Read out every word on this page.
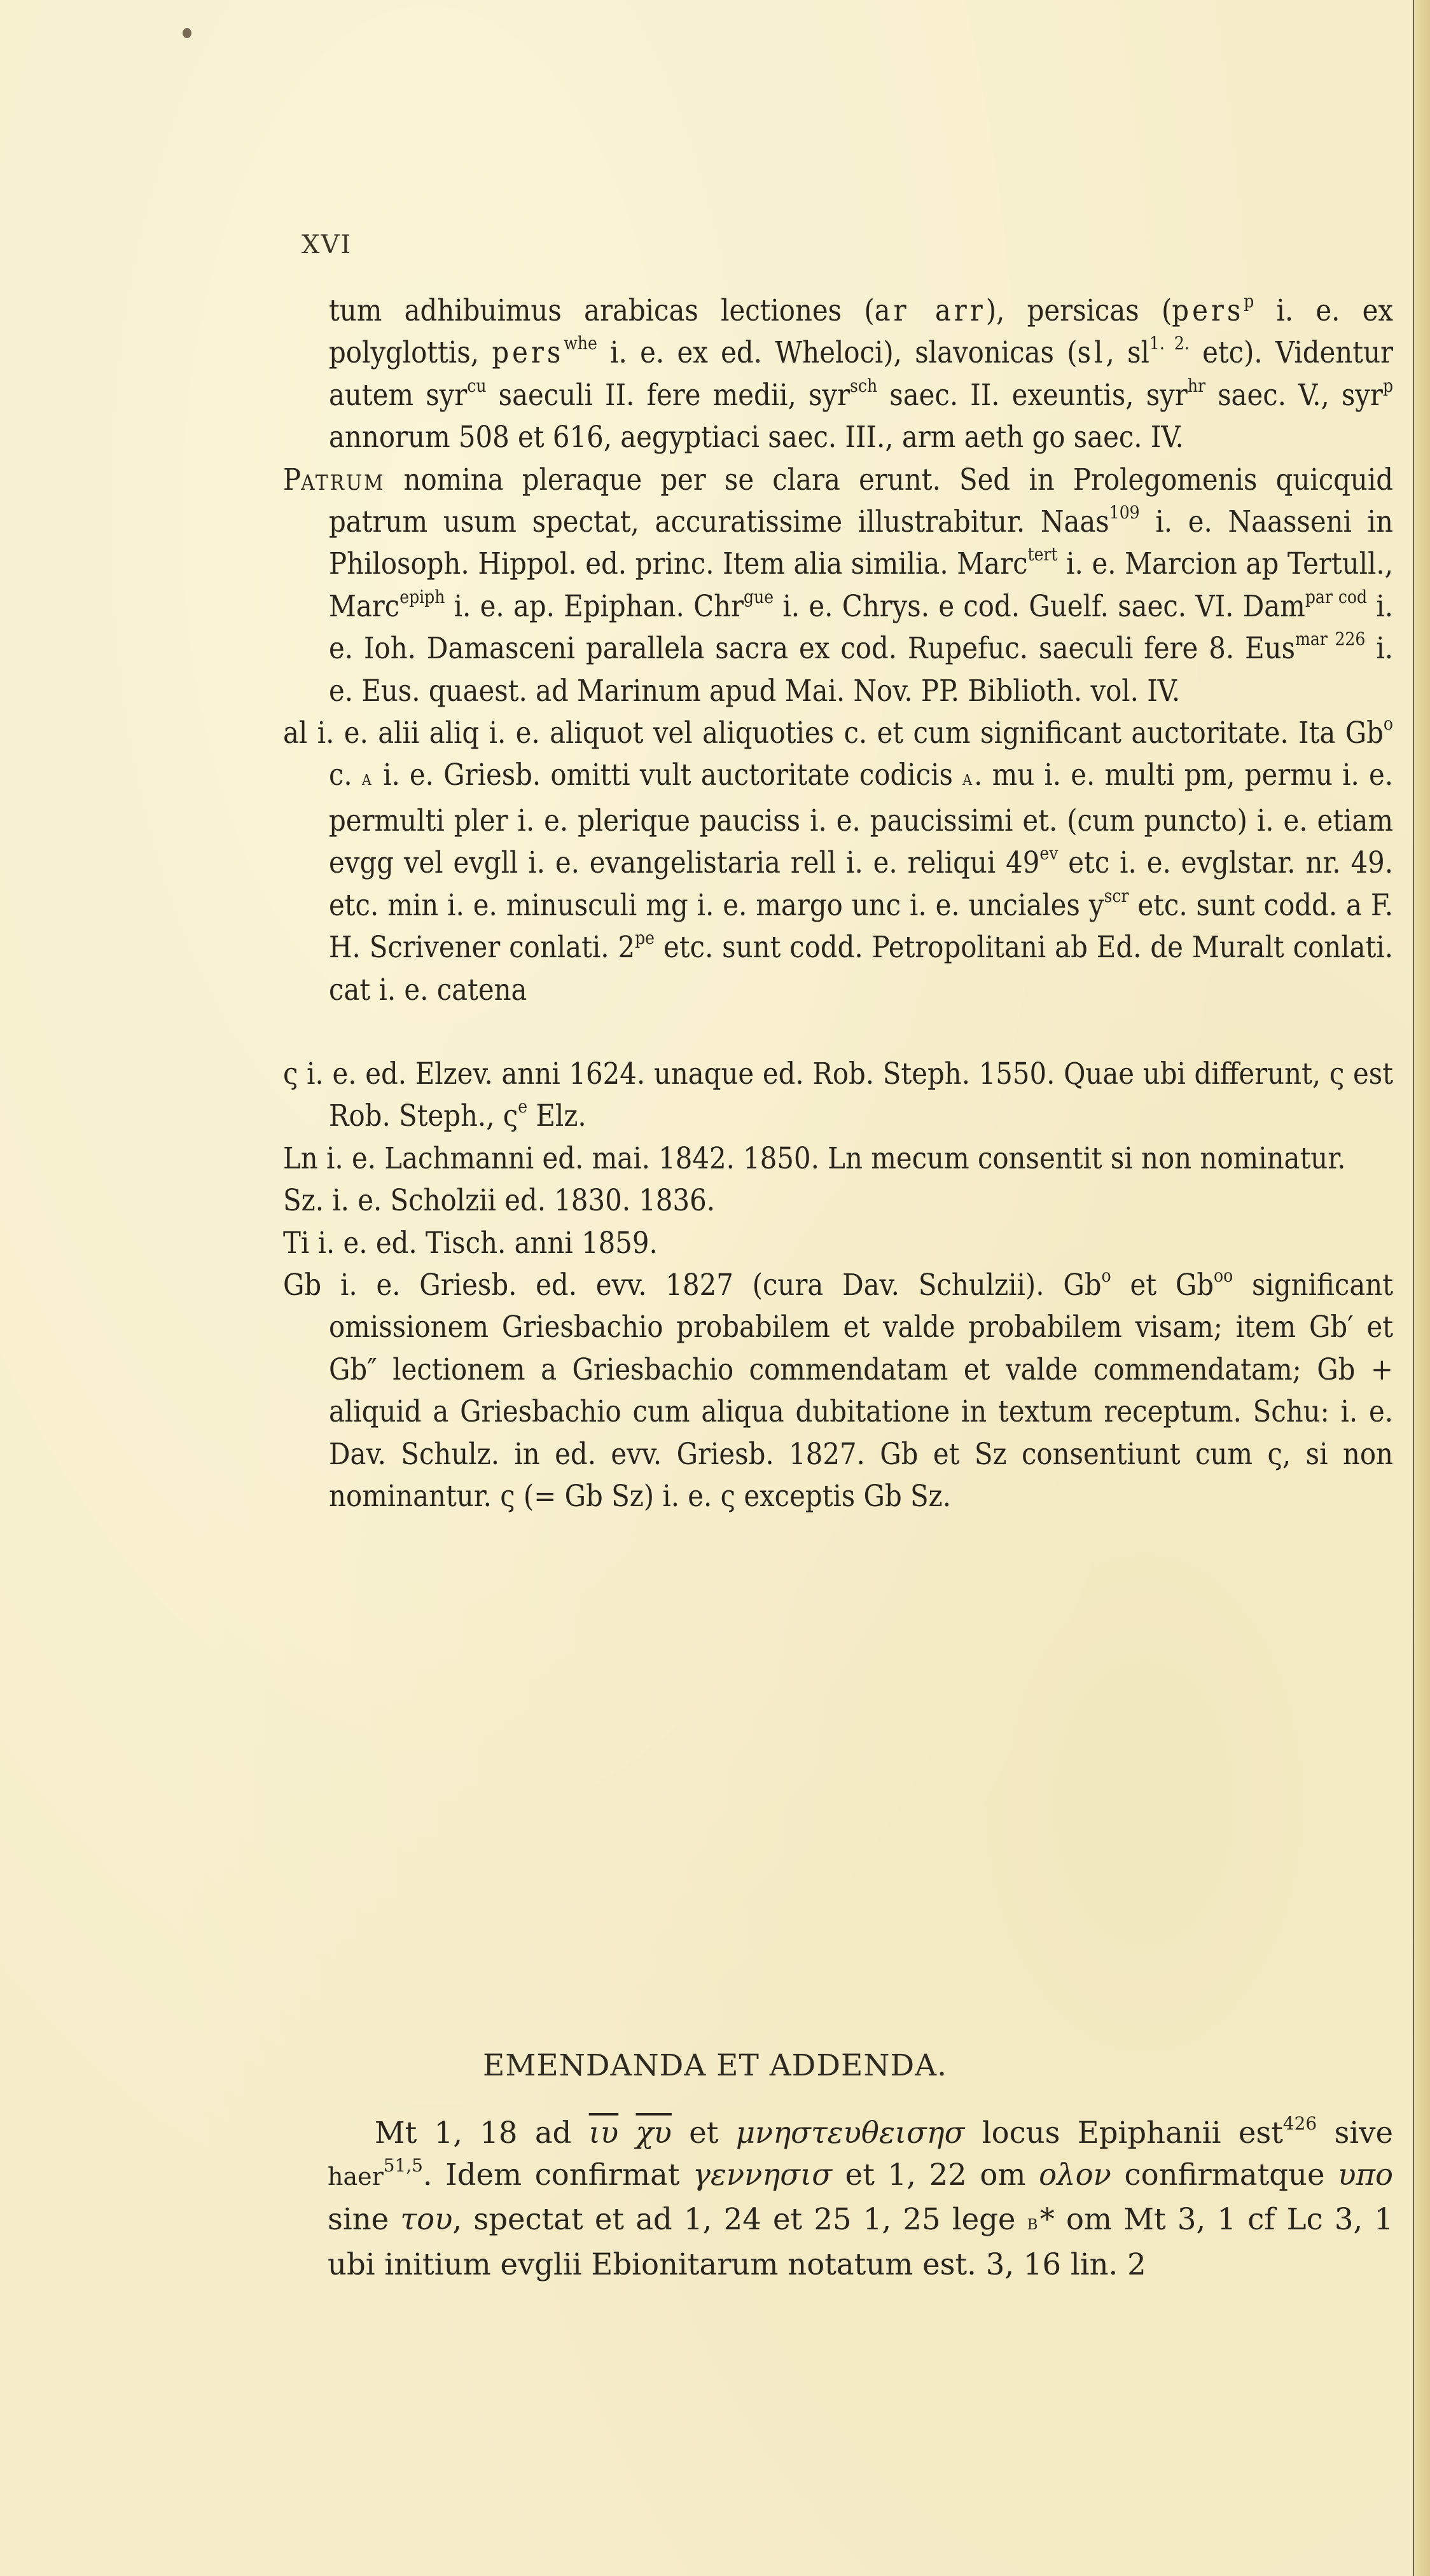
XVI

tum adhibuimus arabicas lectiones (ar arr), persicas (pers$^p$ i. e. ex polyglottis, pers$^{whe}$ i. e. ex ed. Wheloci), slavonicas (sl, $sl^{1. 2.}$ etc). Videntur autem syr$^{cu}$ saeculi II. fere medii, syr$^{sch}$ saec. II. exeuntis, syr$^{hr}$ saec. V., syr$^p$ annorum 508 et 616, aegyptiaci saec. III., arm aeth go saec. IV.

Patrum nomina pleraque per se clara erunt. Sed in Prolegomenis quicquid patrum usum spectat, accuratissime illustrabitur. Naas$^{109}$ i. e. Naasseni in Philosoph. Hippol. ed. princ. Item alia similia. Marc$^{tert}$ i. e. Marcion ap Tertull., Marc$^{epiph}$ i. e. ap. Epiphan. Chr$^{gue}$ i. e. Chrys. e cod. Guelf. saec. VI. Dam$^{par cod}$ i. e. Ioh. Damasceni parallela sacra ex cod. Rupefuc. saeculi fere 8. Eus$^{mar 226}$ i. e. Eus. quaest. ad Marinum apud Mai. Nov. PP. Biblioth. vol. IV.

al i. e. alii aliq i. e. aliquot vel aliquoties c. et cum significant auctoritate. Ita Gb$^o$ c. a i. e. Griesb. omitti vult auctoritate codicis a. mu i. e. multi pm, permu i. e. permulti pler i. e. plerique pauciss i. e. paucissimi et. (cum puncto) i. e. etiam evgg vel evgll i. e. evangelistaria rell i. e. reliqui $49^{ev}$ etc i. e. evglstar. nr. 49. etc. min i. e. minusculi mg i. e. margo unc i. e. unciales $y^{scr}$ etc. sunt codd. a F. H. Scrivener conlati. $2^{pe}$ etc. sunt codd. Petropolitani ab Ed. de Muralt conlati. cat i. e. catena

ς i. e. ed. Elzev. anni 1624. unaque ed. Rob. Steph. 1550. Quae ubi differunt, ς est Rob. Steph., $\varsigma^e$ Elz.

Ln i. e. Lachmanni ed. mai. 1842. 1850. Ln mecum consentit si non nominatur.

Sz. i. e. Scholzii ed. 1830. 1836.

Ti i. e. ed. Tisch. anni 1859.

Gb i. e. Griesb. ed. evv. 1827 (cura Dav. Schulzii). Gb$^o$ et $Gb^{oo}$ significant omissionem Griesbachio probabilem et valde probabilem visam; item Gb′ et Gb″ lectionem a Griesbachio commendatam et valde commendatam; Gb + aliquid a Griesbachio cum aliqua dubitatione in textum receptum. Schu: i. e. Dav. Schulz. in ed. evv. Griesb. 1827. Gb et Sz consentiunt cum ς, si non nominantur. ς (= Gb Sz) i. e. ς exceptis Gb Sz.

EMENDANDA ET ADDENDA.

Mt 1, 18 ad $\overline{\iota\upsilon}$ $\overline{\chi\upsilon}$ et μνηστευθεισησ locus Epiphanii est$^{426}$ sive haer$^{51,5}$. Idem confirmat γεννησισ et 1, 22 om ολον confirmatque υπο sine του, spectat et ad 1, 24 et 25 1, 25 lege b* om Mt 3, 1 cf Lc 3, 1 ubi initium evglii Ebionitarum notatum est. 3, 16 lin. 2
